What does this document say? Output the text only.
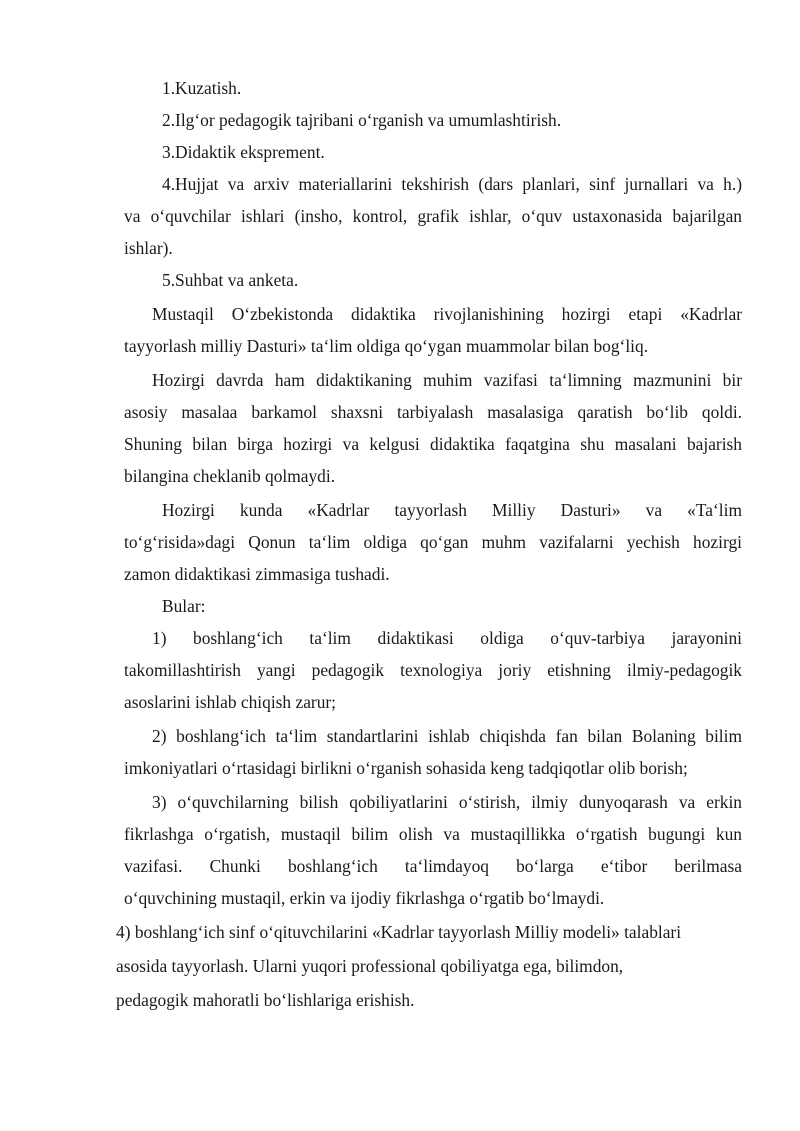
1.Kuzatish.
2.Ilg‘or pedagogik tajribani o‘rganish va umumlashtirish.
3.Didaktik ekspremеnt.
4.Hujjat va arxiv materiallarini tekshirish (dars planlari, sinf jurnallari va h.)
va o‘quvchilar ishlari (insho, kontrol, grafik ishlar, o‘quv ustaxonasida bajarilgan
ishlar).
5.Suhbat va anketa.
Mustaqil O‘zbekistonda didaktika rivojlanishining hozirgi etapi «Kadrlar
tayyorlash milliy Dasturi» ta‘lim oldiga qo‘ygan muammolar bilan bog‘liq.
Hozirgi davrda ham didaktikaning muhim vazifasi ta‘limning mazmunini bir
asosiy masalaa barkamol shaxsni tarbiyalash masalasiga qaratish bo‘lib qoldi.
Shuning bilan birga hozirgi va kelgusi didaktika faqatgina shu masalani bajarish
bilangina cheklanib qolmaydi.
Hozirgi kunda «Kadrlar tayyorlash Milliy Dasturi» va «Ta‘lim
to‘g‘risida»dagi Qonun ta‘lim oldiga qo‘gan muhm vazifalarni yechish hozirgi
zamon didaktikasi zimmasiga tushadi.
Bular:
1) boshlang‘ich ta‘lim didaktikasi oldiga o‘quv-tarbiya jarayonini
takomillashtirish yangi pedagogik texnologiya joriy etishning ilmiy-pedagogik
asoslarini ishlab chiqish zarur;
2) boshlang‘ich ta‘lim standartlarini ishlab chiqishda fan bilan Bolaning bilim
imkoniyatlari o‘rtasidagi birlikni o‘rganish sohasida keng tadqiqotlar olib borish;
3) o‘quvchilarning bilish qobiliyatlarini o‘stirish, ilmiy dunyoqarash va erkin
fikrlashga o‘rgatish, mustaqil bilim olish va mustaqillikka o‘rgatish bugungi kun
vazifasi. Chunki boshlang‘ich ta‘limdayoq bo‘larga e‘tibor berilmasa
o‘quvchining mustaqil, erkin va ijodiy fikrlashga o‘rgatib bo‘lmaydi.
4) boshlang‘ich sinf o‘qituvchilarini «Kadrlar tayyorlash Milliy modeli» talablari
asosida tayyorlash. Ularni yuqori professional qobiliyatga ega, bilimdon,
pedagogik mahoratli bo‘lishlariga erishish.
